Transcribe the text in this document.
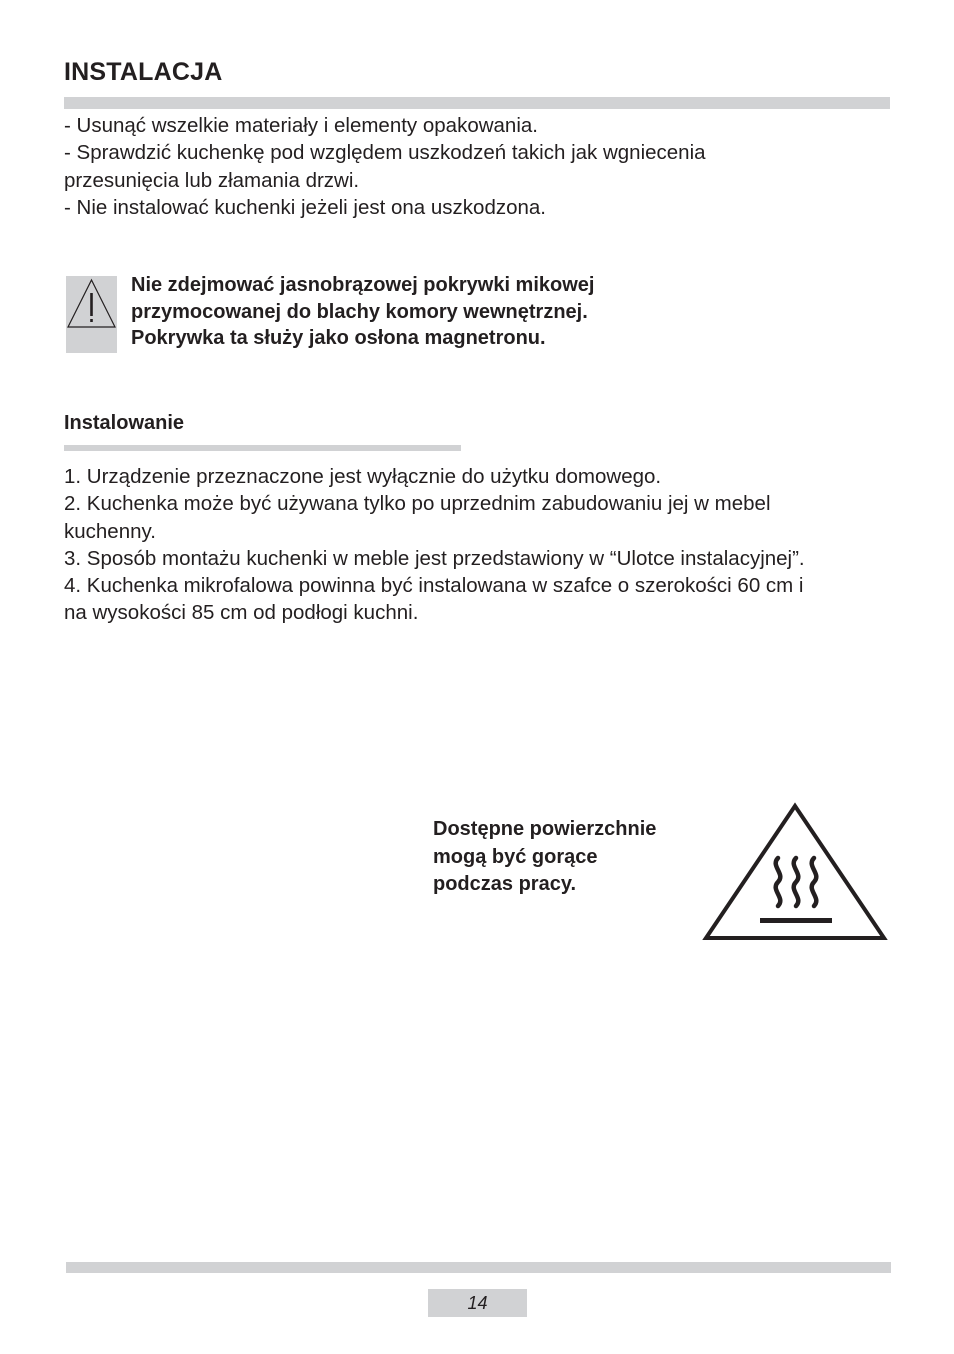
INSTALACJA
- Usunąć wszelkie materiały i elementy opakowania.
- Sprawdzić kuchenkę pod względem uszkodzeń takich jak wgniecenia
przesunięcia lub złamania drzwi.
- Nie instalować kuchenki jeżeli jest ona uszkodzona.
Nie zdejmować jasnobrązowej pokrywki mikowej
przymocowanej do blachy komory wewnętrznej.
Pokrywka ta służy jako osłona magnetronu.
Instalowanie
1. Urządzenie przeznaczone jest wyłącznie do użytku domowego.
2. Kuchenka może być używana tylko po uprzednim zabudowaniu jej w mebel
kuchenny.
3. Sposób montażu kuchenki w meble jest przedstawiony w “Ulotce instalacyjnej”.
4. Kuchenka mikrofalowa powinna być instalowana w szafce o szerokości 60 cm i
na wysokości 85 cm od podłogi kuchni.
Dostępne powierzchnie
mogą być gorące
podczas pracy.
14
